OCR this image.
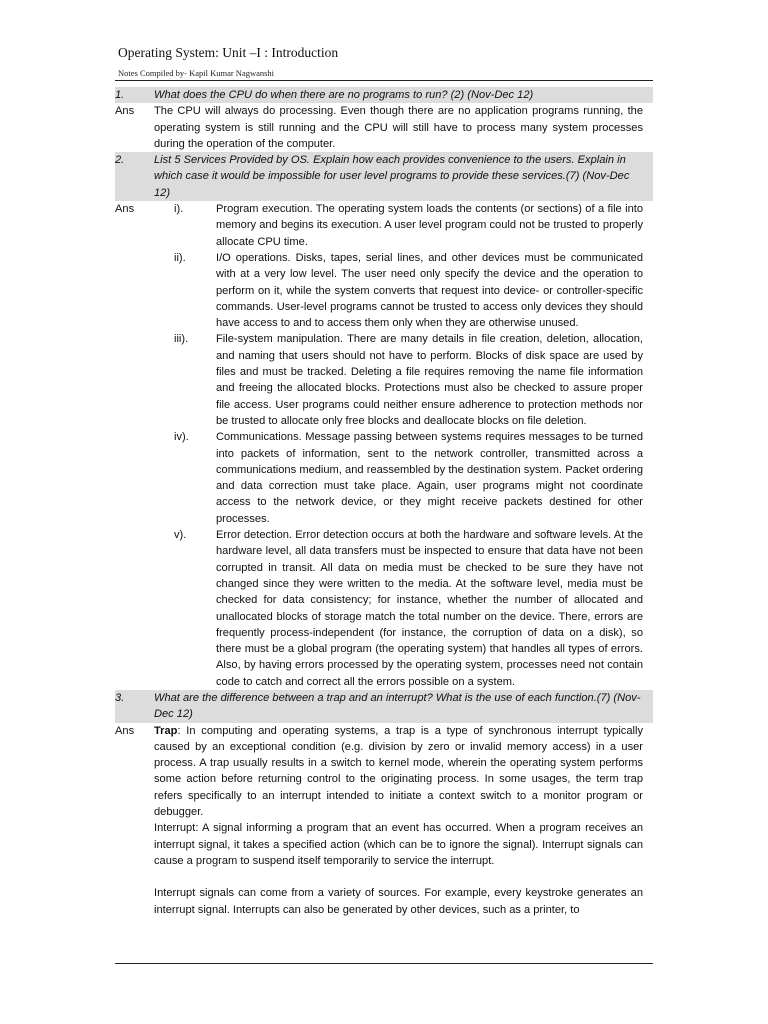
Operating System: Unit –I : Introduction
Notes Compiled by- Kapil Kumar Nagwanshi
1.	What does the CPU do when there are no programs to run? (2) (Nov-Dec 12)
Ans	The CPU will always do processing. Even though there are no application programs running, the operating system is still running and the CPU will still have to process many system processes during the operation of the computer.
2.	List 5 Services Provided by OS. Explain how each provides convenience to the users. Explain in which case it would be impossible for user level programs to provide these services.(7) (Nov-Dec 12)
Ans	i).	Program execution. The operating system loads the contents (or sections) of a file into memory and begins its execution. A user level program could not be trusted to properly allocate CPU time.
ii).	I/O operations. Disks, tapes, serial lines, and other devices must be communicated with at a very low level. The user need only specify the device and the operation to perform on it, while the system converts that request into device- or controller-specific commands. User-level programs cannot be trusted to access only devices they should have access to and to access them only when they are otherwise unused.
iii).	File-system manipulation. There are many details in file creation, deletion, allocation, and naming that users should not have to perform. Blocks of disk space are used by files and must be tracked. Deleting a file requires removing the name file information and freeing the allocated blocks. Protections must also be checked to assure proper file access. User programs could neither ensure adherence to protection methods nor be trusted to allocate only free blocks and deallocate blocks on file deletion.
iv).	Communications. Message passing between systems requires messages to be turned into packets of information, sent to the network controller, transmitted across a communications medium, and reassembled by the destination system. Packet ordering and data correction must take place. Again, user programs might not coordinate access to the network device, or they might receive packets destined for other processes.
v).	Error detection. Error detection occurs at both the hardware and software levels. At the hardware level, all data transfers must be inspected to ensure that data have not been corrupted in transit. All data on media must be checked to be sure they have not changed since they were written to the media. At the software level, media must be checked for data consistency; for instance, whether the number of allocated and unallocated blocks of storage match the total number on the device. There, errors are frequently process-independent (for instance, the corruption of data on a disk), so there must be a global program (the operating system) that handles all types of errors. Also, by having errors processed by the operating system, processes need not contain code to catch and correct all the errors possible on a system.
3.	What are the difference between a trap and an interrupt? What is the use of each function.(7) (Nov-Dec 12)
Ans	Trap: In computing and operating systems, a trap is a type of synchronous interrupt typically caused by an exceptional condition (e.g. division by zero or invalid memory access) in a user process. A trap usually results in a switch to kernel mode, wherein the operating system performs some action before returning control to the originating process. In some usages, the term trap refers specifically to an interrupt intended to initiate a context switch to a monitor program or debugger.
Interrupt: A signal informing a program that an event has occurred. When a program receives an interrupt signal, it takes a specified action (which can be to ignore the signal). Interrupt signals can cause a program to suspend itself temporarily to service the interrupt.
Interrupt signals can come from a variety of sources. For example, every keystroke generates an interrupt signal. Interrupts can also be generated by other devices, such as a printer, to
